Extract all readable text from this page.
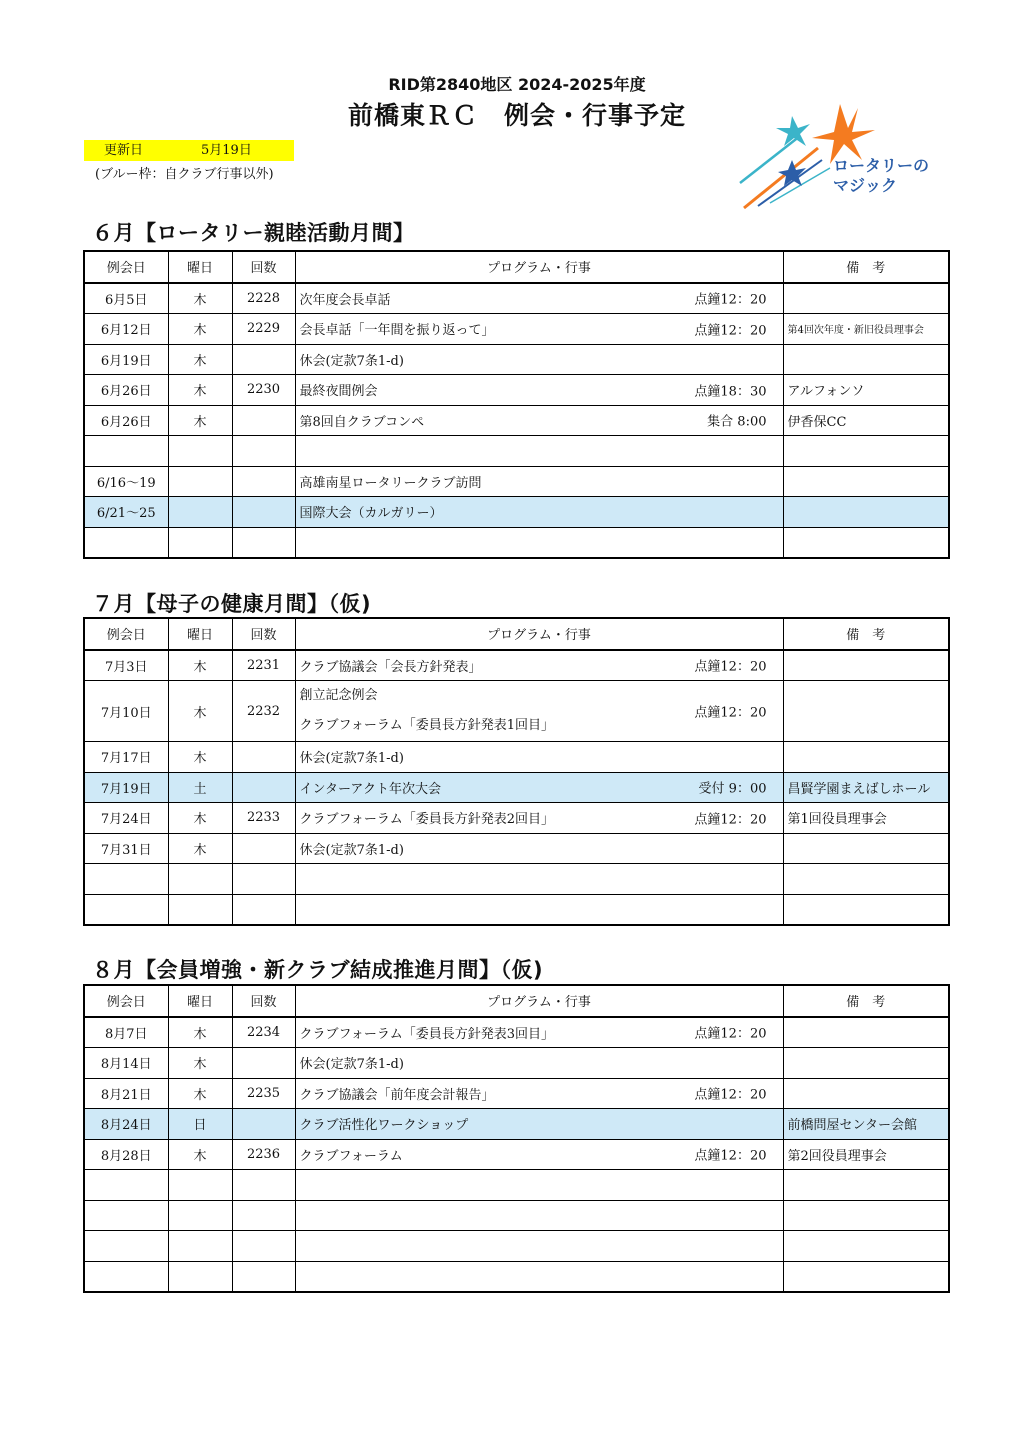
RID第2840地区 2024-2025年度
前橋東ＲＣ　例会・行事予定
更新日	5月19日
(ブルー枠：自クラブ行事以外)	ロータリーの
マジック
６月【ロータリー親睦活動月間】
７月【母子の健康月間】（仮)
８月【会員増強・新クラブ結成推進月間】（仮)
例会日	曜日	回数	プログラム・行事	備　考
6月5日	木	2228	次年度会長卓話 点鐘12：20	

6月12日	木	2229	会長卓話「一年間を振り返って」 点鐘12：20	第4回次年度・新旧役員理事会
6月19日	木		休会(定款7条1-d)	

6月26日	木	2230	最終夜間例会 点鐘18：30	アルフォンソ
6月26日	木		第8回自クラブコンペ 集合 8:00	伊香保CC

6/16～19			高雄南星ロータリークラブ訪問	

6/21～25			国際大会（カルガリー）	

例会日	曜日	回数	プログラム・行事	備　考
7月3日	木	2231	クラブ協議会「会長方針発表」 点鐘12：20	

7月10日	木	2232	創立記念例会
クラブフォーラム「委員長方針発表1回目」
点鐘12：20	

7月17日	木		休会(定款7条1-d)	

7月19日	土		インターアクト年次大会 受付 9：00	昌賢学園まえばしホール
7月24日	木	2233	クラブフォーラム「委員長方針発表2回目」 点鐘12：20	第1回役員理事会
7月31日	木		休会(定款7条1-d)	

例会日	曜日	回数	プログラム・行事	備　考
8月7日	木	2234	クラブフォーラム「委員長方針発表3回目」 点鐘12：20	

8月14日	木		休会(定款7条1-d)	

8月21日	木	2235	クラブ協議会「前年度会計報告」 点鐘12：20	

8月24日	日		クラブ活性化ワークショップ	前橋問屋センター会館
8月28日	木	2236	クラブフォーラム 点鐘12：20	第2回役員理事会
